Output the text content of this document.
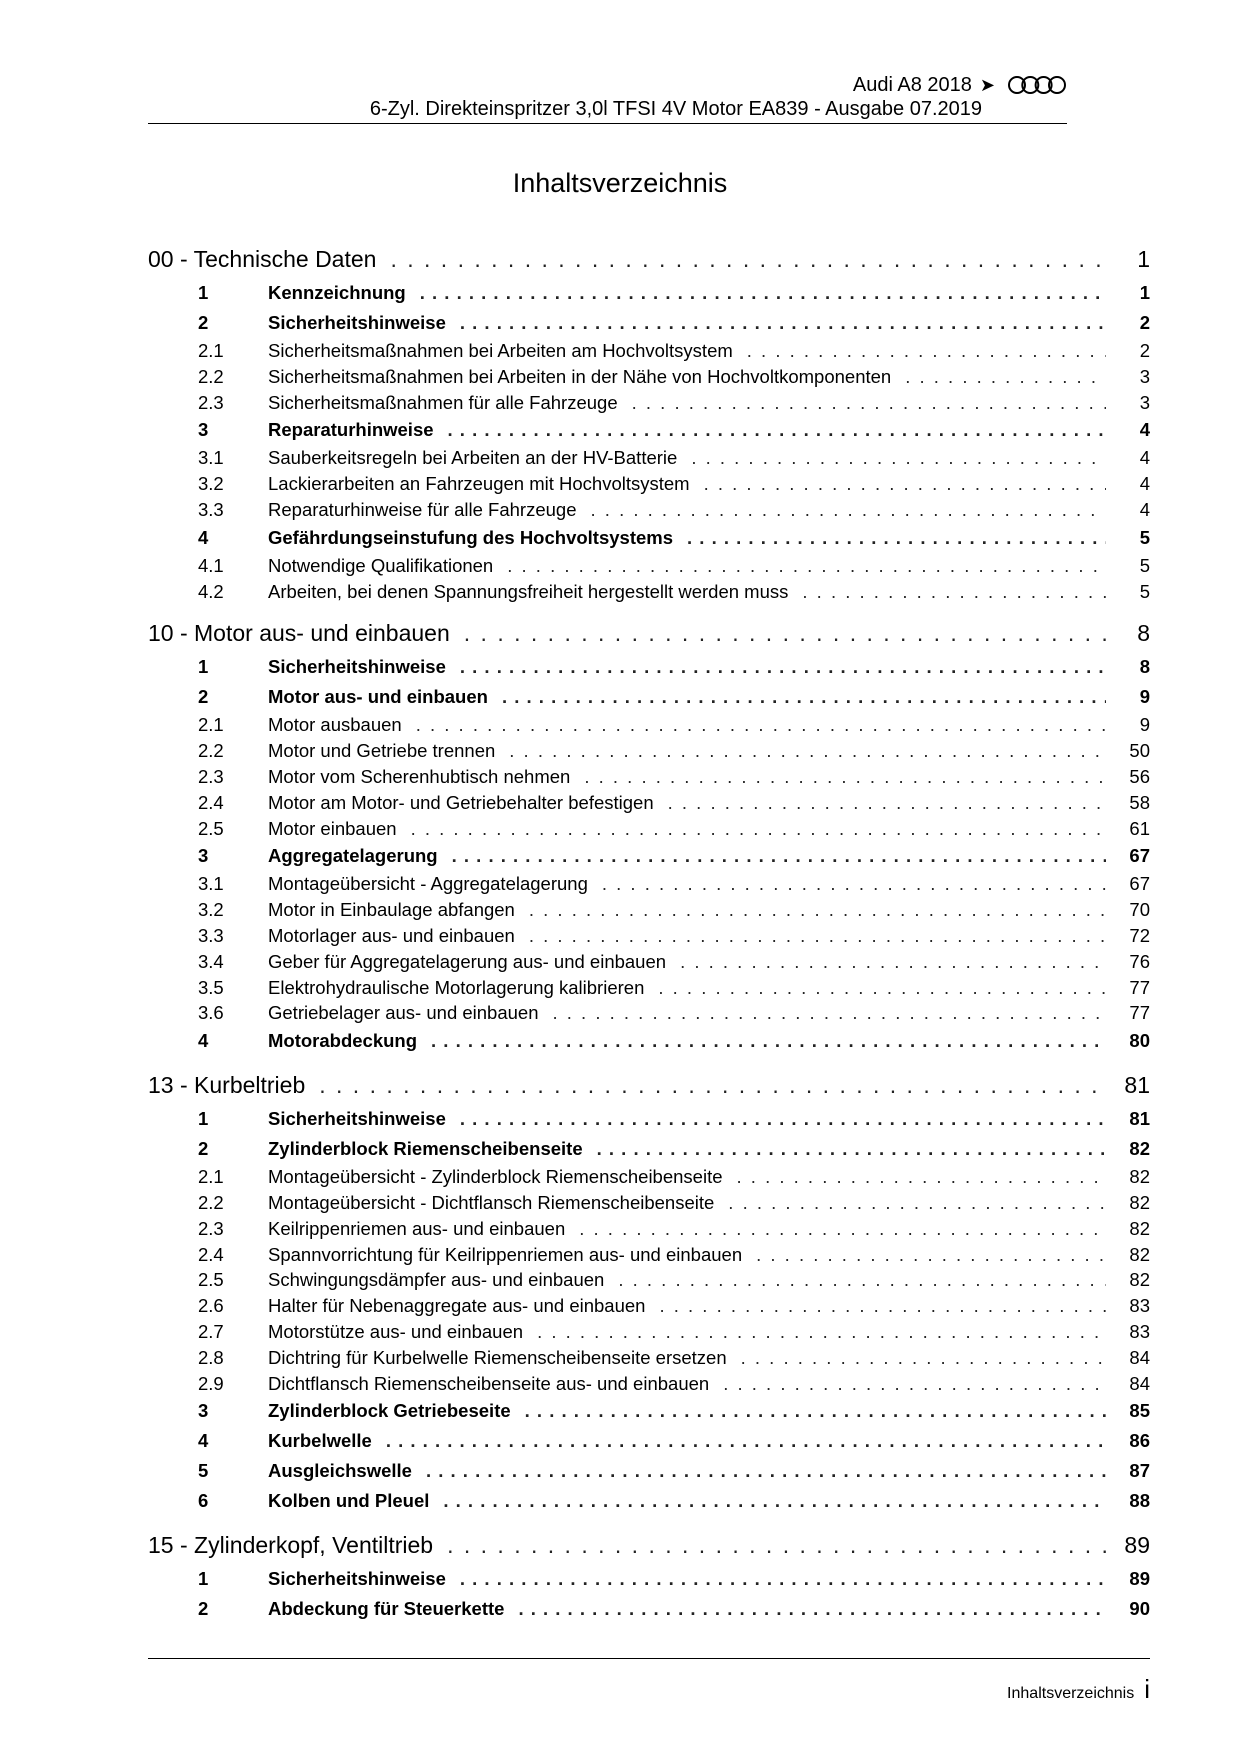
Audi A8 2018 ➤
6-Zyl. Direkteinspritzer 3,0l TFSI 4V Motor EA839 - Ausgabe 07.2019
Inhaltsverzeichnis
00 - Technische Daten . . .	1
1	Kennzeichnung . . .	1
2	Sicherheitshinweise . . .	2
2.1	Sicherheitsmaßnahmen bei Arbeiten am Hochvoltsystem . . .	2
2.2	Sicherheitsmaßnahmen bei Arbeiten in der Nähe von Hochvoltkomponenten . . .	3
2.3	Sicherheitsmaßnahmen für alle Fahrzeuge . . .	3
3	Reparaturhinweise . . .	4
3.1	Sauberkeitsregeln bei Arbeiten an der HV-Batterie . . .	4
3.2	Lackierarbeiten an Fahrzeugen mit Hochvoltsystem . . .	4
3.3	Reparaturhinweise für alle Fahrzeuge . . .	4
4	Gefährdungseinstufung des Hochvoltsystems . . .	5
4.1	Notwendige Qualifikationen . . .	5
4.2	Arbeiten, bei denen Spannungsfreiheit hergestellt werden muss . . .	5
10 - Motor aus- und einbauen . . .	8
1	Sicherheitshinweise . . .	8
2	Motor aus- und einbauen . . .	9
2.1	Motor ausbauen . . .	9
2.2	Motor und Getriebe trennen . . .	50
2.3	Motor vom Scherenhubtisch nehmen . . .	56
2.4	Motor am Motor- und Getriebehalter befestigen . . .	58
2.5	Motor einbauen . . .	61
3	Aggregatelagerung . . .	67
3.1	Montageübersicht - Aggregatelagerung . . .	67
3.2	Motor in Einbaulage abfangen . . .	70
3.3	Motorlager aus- und einbauen . . .	72
3.4	Geber für Aggregatelagerung aus- und einbauen . . .	76
3.5	Elektrohydraulische Motorlagerung kalibrieren . . .	77
3.6	Getriebelager aus- und einbauen . . .	77
4	Motorabdeckung . . .	80
13 - Kurbeltrieb . . .	81
1	Sicherheitshinweise . . .	81
2	Zylinderblock Riemenscheibenseite . . .	82
2.1	Montageübersicht - Zylinderblock Riemenscheibenseite . . .	82
2.2	Montageübersicht - Dichtflansch Riemenscheibenseite . . .	82
2.3	Keilrippenriemen aus- und einbauen . . .	82
2.4	Spannvorrichtung für Keilrippenriemen aus- und einbauen . . .	82
2.5	Schwingungsdämpfer aus- und einbauen . . .	82
2.6	Halter für Nebenaggregate aus- und einbauen . . .	83
2.7	Motorstütze aus- und einbauen . . .	83
2.8	Dichtring für Kurbelwelle Riemenscheibenseite ersetzen . . .	84
2.9	Dichtflansch Riemenscheibenseite aus- und einbauen . . .	84
3	Zylinderblock Getriebeseite . . .	85
4	Kurbelwelle . . .	86
5	Ausgleichswelle . . .	87
6	Kolben und Pleuel . . .	88
15 - Zylinderkopf, Ventiltrieb . . .	89
1	Sicherheitshinweise . . .	89
2	Abdeckung für Steuerkette . . .	90
Inhaltsverzeichnis i
